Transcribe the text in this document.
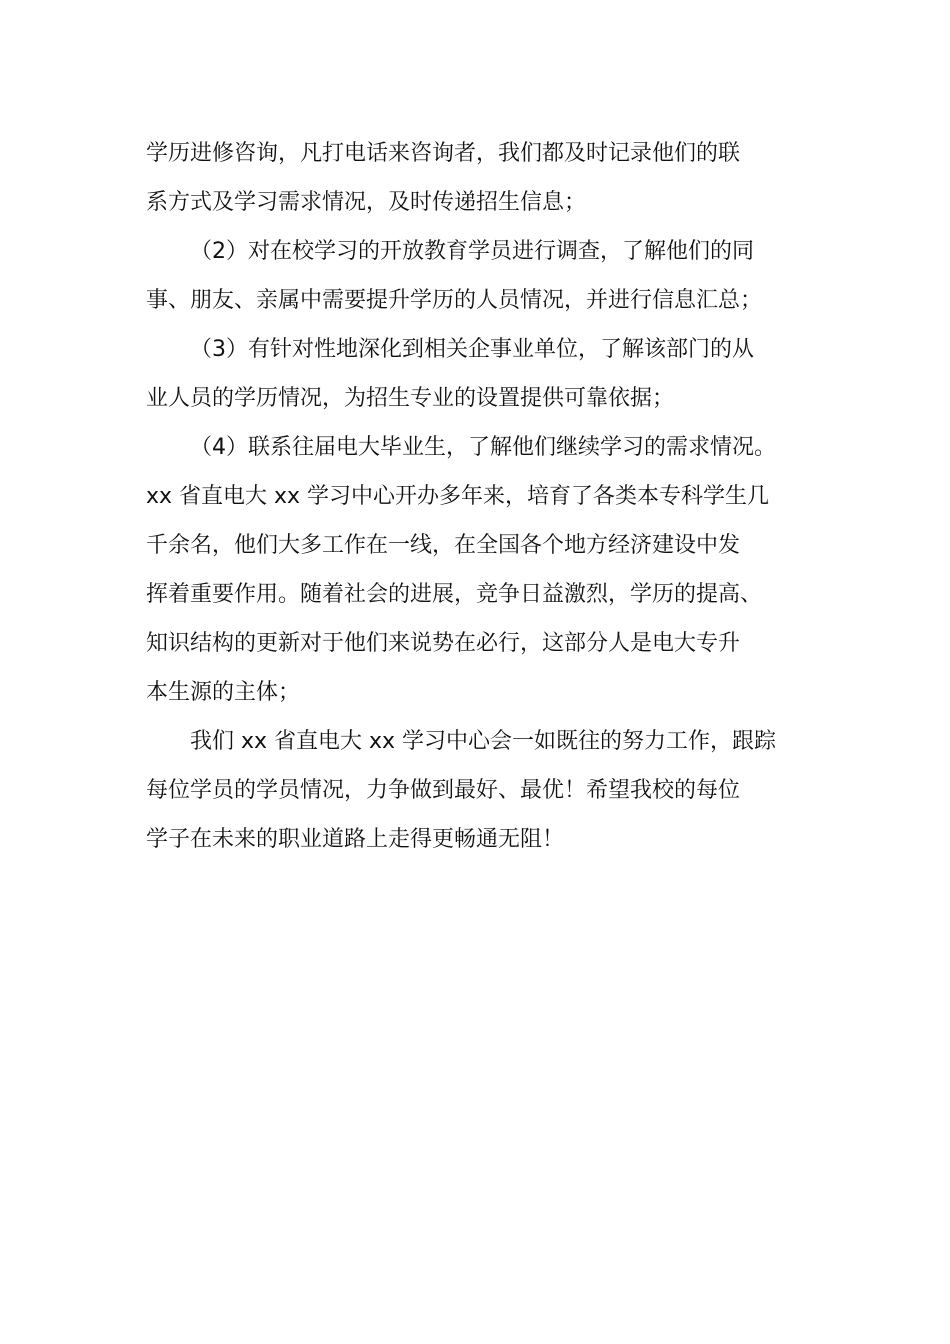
学历进修咨询，凡打电话来咨询者，我们都及时记录他们的联
系方式及学习需求情况，及时传递招生信息；
（2）对在校学习的开放教育学员进行调查，了解他们的同
事、朋友、亲属中需要提升学历的人员情况，并进行信息汇总；
（3）有针对性地深化到相关企事业单位，了解该部门的从
业人员的学历情况，为招生专业的设置提供可靠依据；
（4）联系往届电大毕业生，了解他们继续学习的需求情况。
xx 省直电大 xx 学习中心开办多年来，培育了各类本专科学生几
千余名，他们大多工作在一线，在全国各个地方经济建设中发
挥着重要作用。随着社会的进展，竞争日益激烈，学历的提高、
知识结构的更新对于他们来说势在必行，这部分人是电大专升
本生源的主体；
我们 xx 省直电大 xx 学习中心会一如既往的努力工作，跟踪
每位学员的学员情况，力争做到最好、最优！希望我校的每位
学子在未来的职业道路上走得更畅通无阻！
